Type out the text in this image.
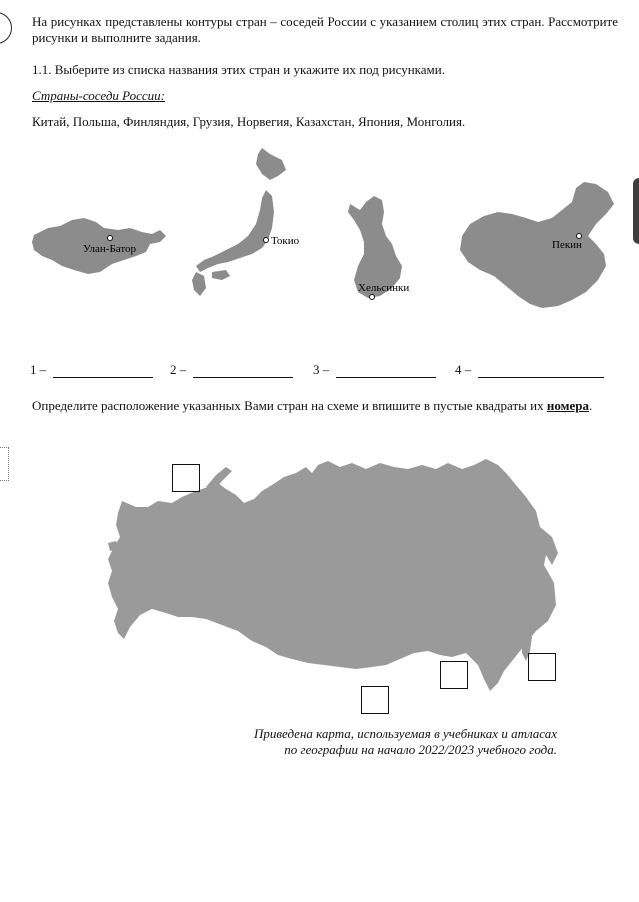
На рисунках представлены контуры стран – соседей России с указанием столиц этих стран. Рассмотрите рисунки и выполните задания.
1.1. Выберите из списка названия этих стран и укажите их под рисунками.
Страны-соседи России:
Китай, Польша, Финляндия, Грузия, Норвегия, Казахстан, Япония, Монголия.
Улан-Батор
Токио
Хельсинки
Пекин
1 –	2 –	3 –	4 –
Определите расположение указанных Вами стран на схеме и впишите в пустые квадраты их номера.
Приведена карта, используемая в учебниках и атласах
по географии на начало 2022/2023 учебного года.
